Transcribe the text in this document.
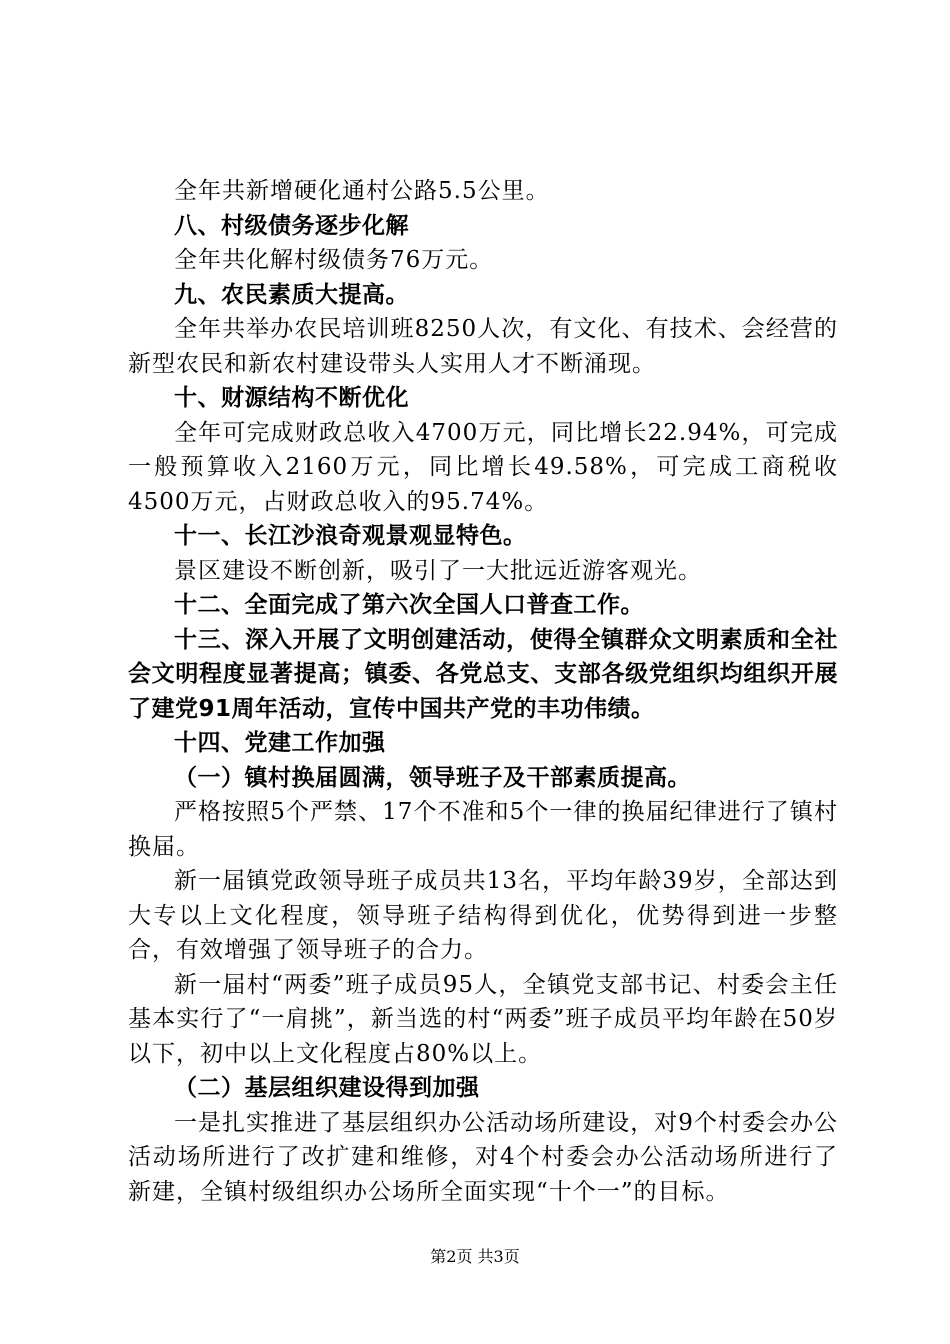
全年共新增硬化通村公路5.5公里。

八、村级债务逐步化解

全年共化解村级债务76万元。

九、农民素质大提高。

全年共举办农民培训班8250人次，有文化、有技术、会经营的新型农民和新农村建设带头人实用人才不断涌现。

十、财源结构不断优化

全年可完成财政总收入4700万元，同比增长22.94%，可完成一般预算收入2160万元，同比增长49.58%，可完成工商税收4500万元，占财政总收入的95.74%。

十一、长江沙浪奇观景观显特色。

景区建设不断创新，吸引了一大批远近游客观光。

十二、全面完成了第六次全国人口普查工作。

十三、深入开展了文明创建活动，使得全镇群众文明素质和全社会文明程度显著提高；镇委、各党总支、支部各级党组织均组织开展了建党91周年活动，宣传中国共产党的丰功伟绩。

十四、党建工作加强

（一）镇村换届圆满，领导班子及干部素质提高。

严格按照5个严禁、17个不准和5个一律的换届纪律进行了镇村换届。

新一届镇党政领导班子成员共13名，平均年龄39岁，全部达到大专以上文化程度，领导班子结构得到优化，优势得到进一步整合，有效增强了领导班子的合力。

新一届村“两委”班子成员95人，全镇党支部书记、村委会主任基本实行了“一肩挑”，新当选的村“两委”班子成员平均年龄在50岁以下，初中以上文化程度占80%以上。

（二）基层组织建设得到加强

一是扎实推进了基层组织办公活动场所建设，对9个村委会办公活动场所进行了改扩建和维修，对4个村委会办公活动场所进行了新建，全镇村级组织办公场所全面实现“十个一”的目标。

第2页 共3页
